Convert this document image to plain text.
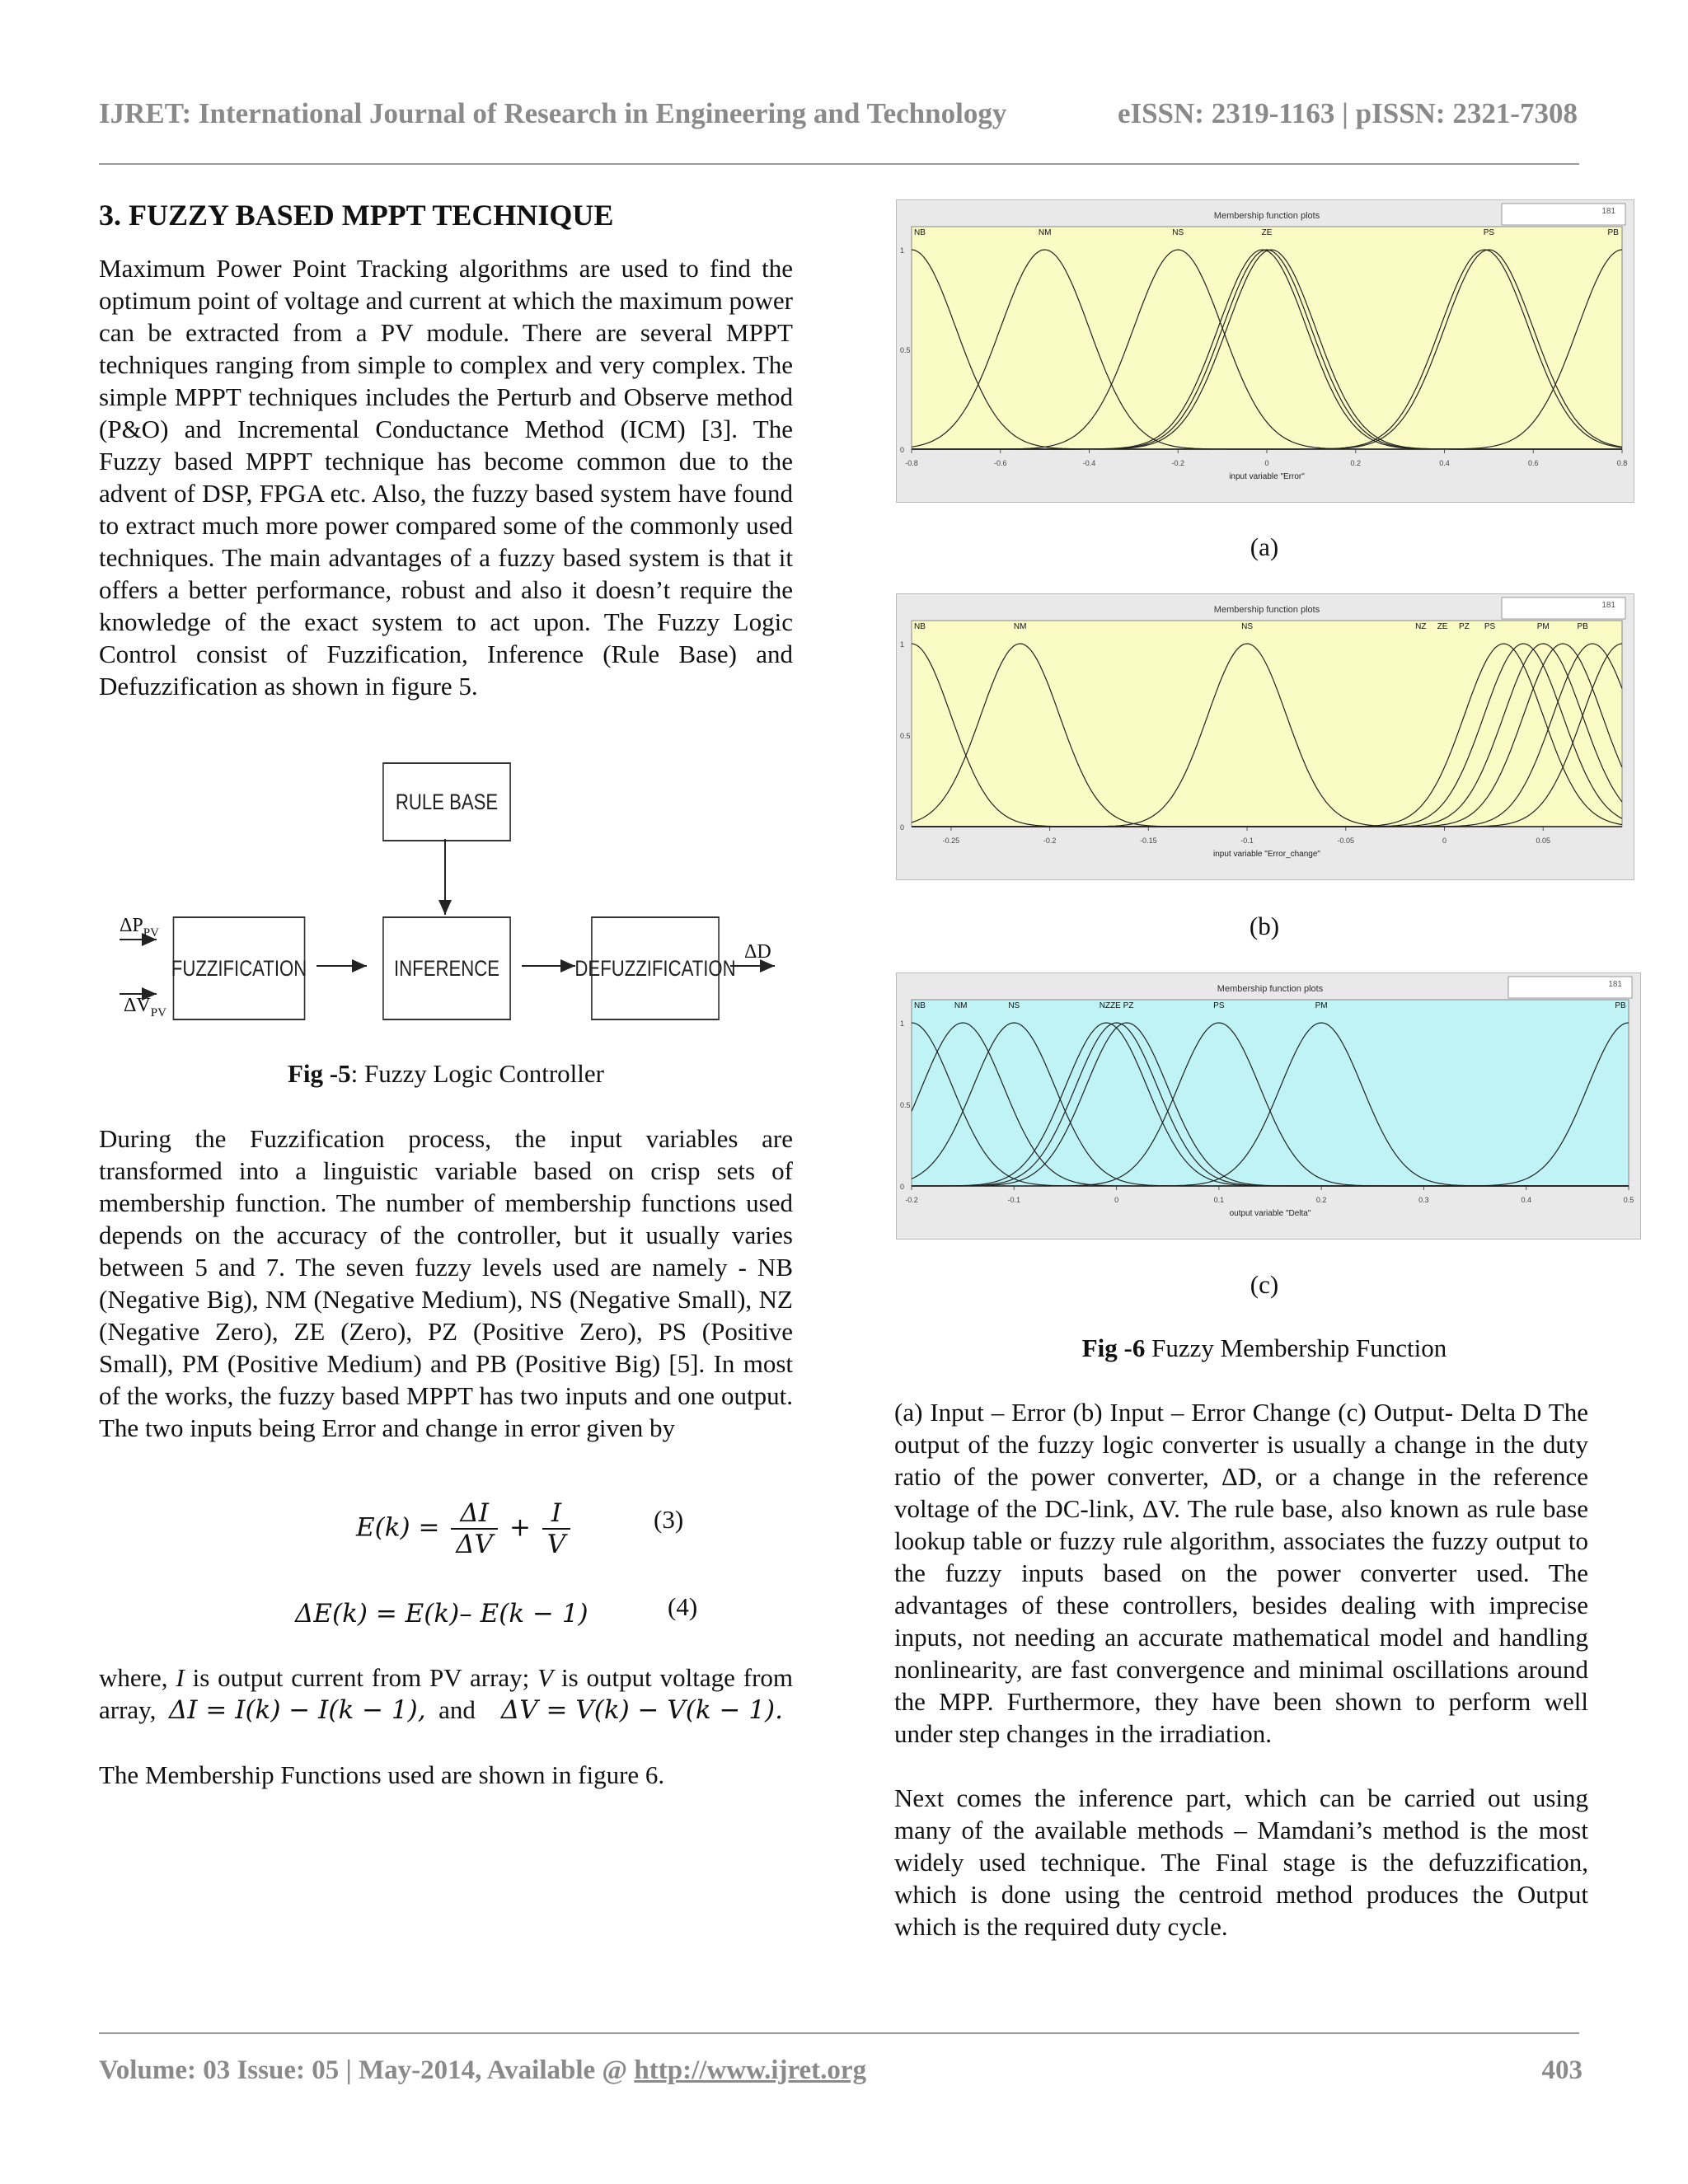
IJRET: International Journal of Research in Engineering and Technology	eISSN: 2319-1163 | pISSN: 2321-7308
3. FUZZY BASED MPPT TECHNIQUE

Maximum Power Point Tracking algorithms are used to find the optimum point of voltage and current at which the maximum power can be extracted from a PV module. There are several MPPT techniques ranging from simple to complex and very complex. The simple MPPT techniques includes the Perturb and Observe method (P&O) and Incremental Conductance Method (ICM) [3]. The Fuzzy based MPPT technique has become common due to the advent of DSP, FPGA etc. Also, the fuzzy based system have found to extract much more power compared some of the commonly used techniques. The main advantages of a fuzzy based system is that it offers a better performance, robust and also it doesn’t require the knowledge of the exact system to act upon. The Fuzzy Logic Control consist of Fuzzification, Inference (Rule Base) and Defuzzification as shown in figure 5.

RULE BASE
FUZZIFICATION	INFERENCE	DEFUZZIFICATION
$\Delta P_{PV}$
$\Delta V_{PV}$
ΔD
Fig -5: Fuzzy Logic Controller

During the Fuzzification process, the input variables are transformed into a linguistic variable based on crisp sets of membership function. The number of membership functions used depends on the accuracy of the controller, but it usually varies between 5 and 7. The seven fuzzy levels used are namely - NB (Negative Big), NM (Negative Medium), NS (Negative Small), NZ (Negative Zero), ZE (Zero), PZ (Positive Zero), PS (Positive Small), PM (Positive Medium) and PB (Positive Big) [5]. In most of the works, the fuzzy based MPPT has two inputs and one output. The two inputs being Error and change in error given by

$E(k) = \frac{\Delta I}{\Delta V} + \frac{I}{V}$	(3)
ΔE(k) = E(k)– E(k − 1)	(4)

where, I is output current from PV array; V is output voltage from array, ΔI = I(k) − I(k − 1), and ΔV = V(k) − V(k − 1).

The Membership Functions used are shown in figure 6.

Membership function plots	181
0
0.5
1
-0.8	-0.6	-0.4	-0.2	0	0.2	0.4	0.6	0.8
input variable "Error"
NB	NM	NS	ZE	PS	PB
(a)
Membership function plots	181
0
0.5
1
-0.25	-0.2	-0.15	-0.1	-0.05	0	0.05
input variable "Error_change"
NB	NM	NS	NZ ZE PZ PS	PM	PB
(b)
Membership function plots	181
0
0.5
1
-0.2	-0.1	0	0.1	0.2	0.3	0.4	0.5
output variable "Delta"
NB	NM	NS	NZZE PZ	PS	PM	PB
(c)
Fig -6 Fuzzy Membership Function

(a) Input – Error (b) Input – Error Change (c) Output- Delta D The output of the fuzzy logic converter is usually a change in the duty ratio of the power converter, ΔD, or a change in the reference voltage of the DC-link, ΔV. The rule base, also known as rule base lookup table or fuzzy rule algorithm, associates the fuzzy output to the fuzzy inputs based on the power converter used. The advantages of these controllers, besides dealing with imprecise inputs, not needing an accurate mathematical model and handling nonlinearity, are fast convergence and minimal oscillations around the MPP. Furthermore, they have been shown to perform well under step changes in the irradiation.

Next comes the inference part, which can be carried out using many of the available methods – Mamdani’s method is the most widely used technique. The Final stage is the defuzzification, which is done using the centroid method produces the Output which is the required duty cycle.

Volume: 03 Issue: 05 | May-2014, Available @ http://www.ijret.org	403
